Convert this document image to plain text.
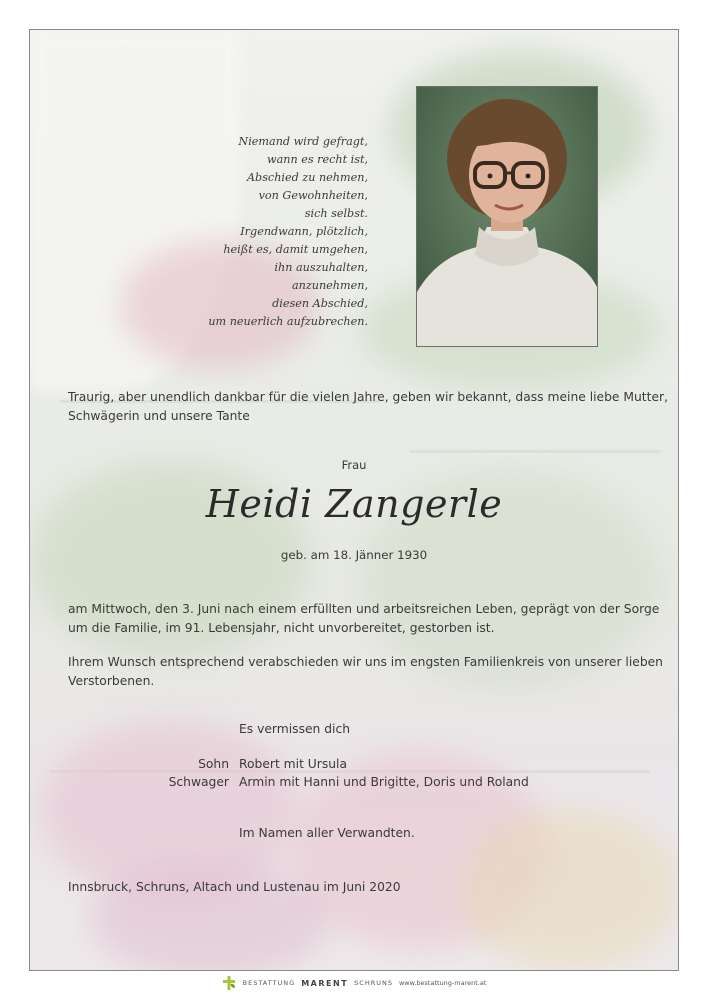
Niemand wird gefragt,
wann es recht ist,
Abschied zu nehmen,
von Gewohnheiten,
sich selbst.
Irgendwann, plötzlich,
heißt es, damit umgehen,
ihn auszuhalten,
anzunehmen,
diesen Abschied,
um neuerlich aufzubrechen.

Traurig, aber unendlich dankbar für die vielen Jahre, geben wir bekannt, dass meine liebe Mutter, Schwägerin und unsere Tante

Frau
Heidi Zangerle
geb. am 18. Jänner 1930

am Mittwoch, den 3. Juni nach einem erfüllten und arbeitsreichen Leben, geprägt von der Sorge um die Familie, im 91. Lebensjahr, nicht unvorbereitet, gestorben ist.

Ihrem Wunsch entsprechend verabschieden wir uns im engsten Familienkreis von unserer lieben Verstorbenen.

Es vermissen dich
Sohn Robert mit Ursula
Schwager Armin mit Hanni und Brigitte, Doris und Roland
Im Namen aller Verwandten.
Innsbruck, Schruns, Altach und Lustenau im Juni 2020
BESTATTUNG MARENT SCHRUNS www.bestattung-marent.at
